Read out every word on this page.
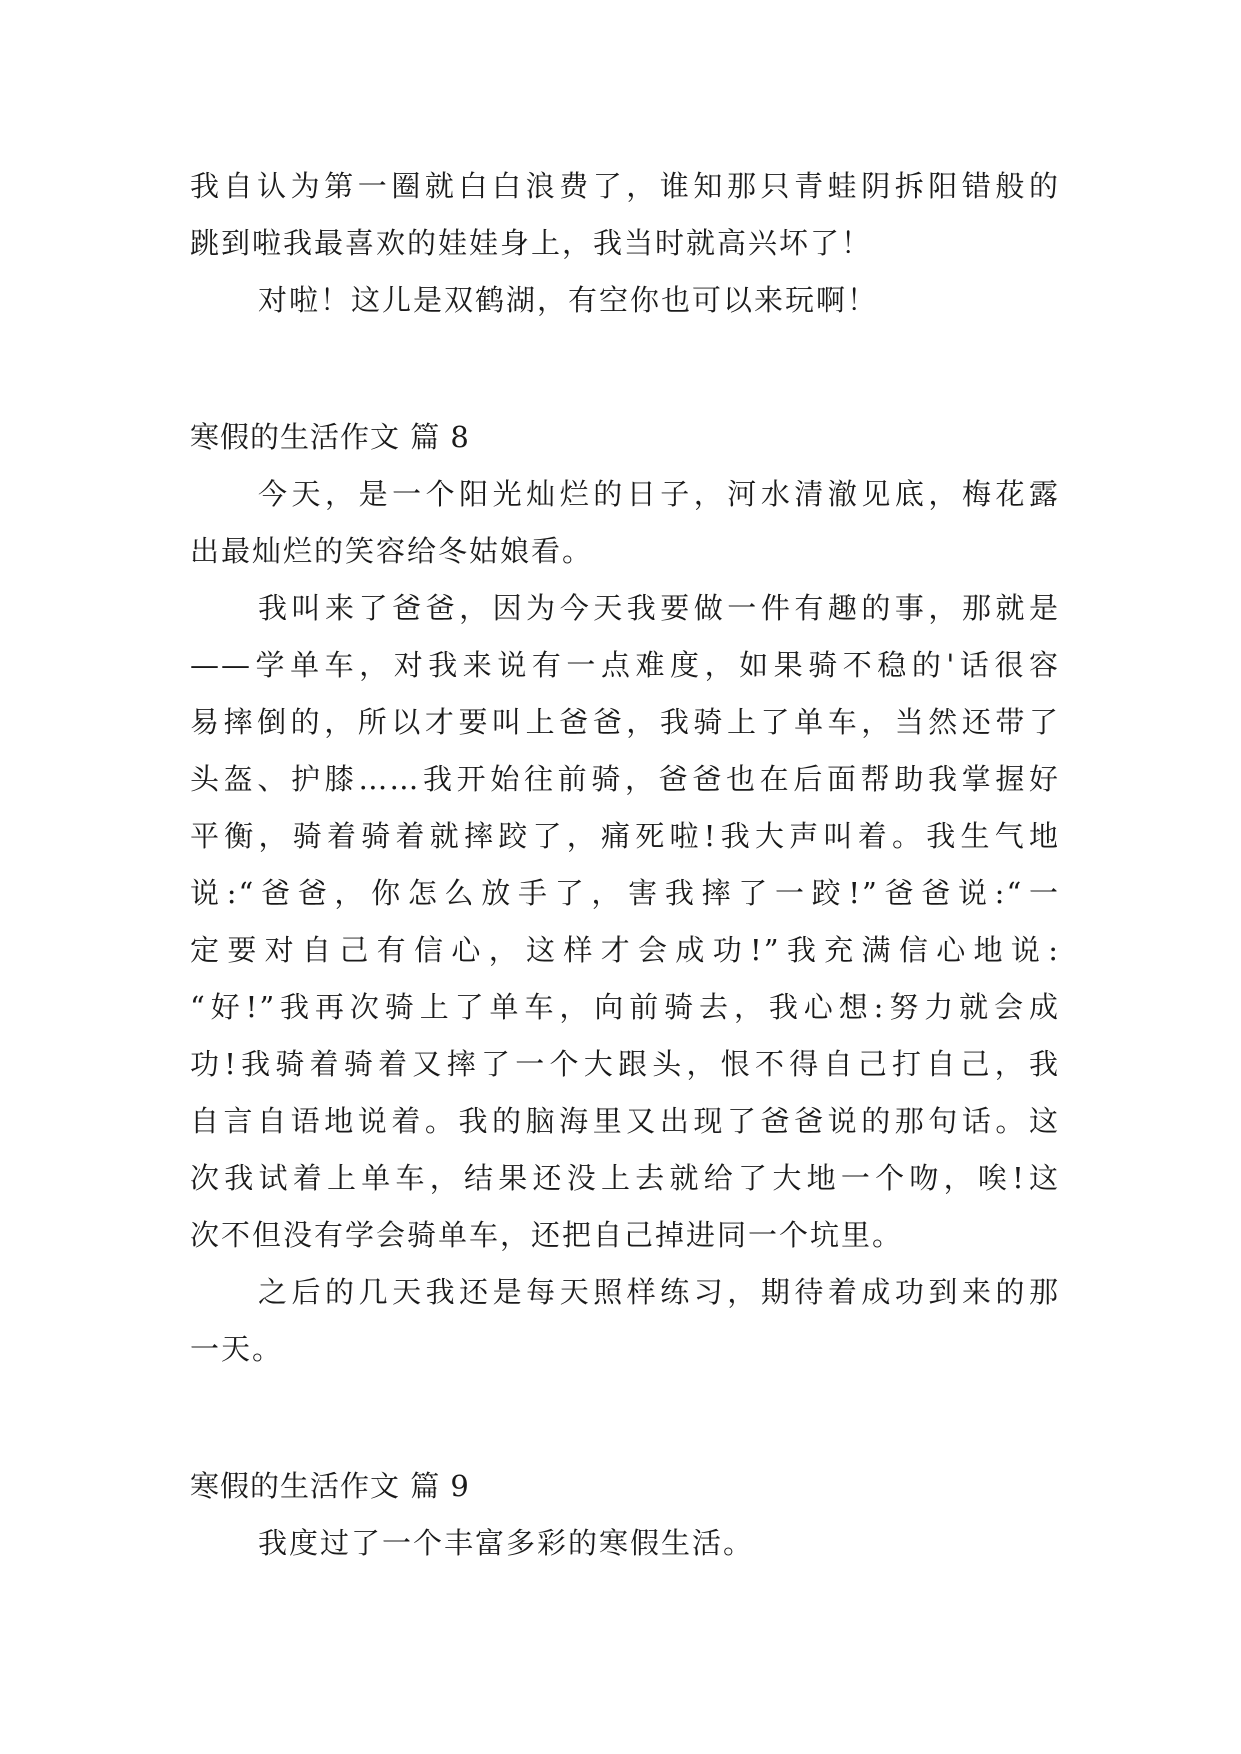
我自认为第一圈就白白浪费了，谁知那只青蛙阴拆阳错般的
跳到啦我最喜欢的娃娃身上，我当时就高兴坏了！
对啦！这儿是双鹤湖，有空你也可以来玩啊！
寒假的生活作文 篇 8
今天，是一个阳光灿烂的日子，河水清澈见底，梅花露
出最灿烂的笑容给冬姑娘看。
我叫来了爸爸，因为今天我要做一件有趣的事，那就是
——学单车，对我来说有一点难度，如果骑不稳的'话很容
易摔倒的，所以才要叫上爸爸，我骑上了单车，当然还带了
头盔、护膝……我开始往前骑，爸爸也在后面帮助我掌握好
平衡，骑着骑着就摔跤了，痛死啦!我大声叫着。我生气地
说:“爸爸，你怎么放手了，害我摔了一跤!”爸爸说:“一
定要对自己有信心，这样才会成功!”我充满信心地说:
“好!”我再次骑上了单车，向前骑去，我心想:努力就会成
功!我骑着骑着又摔了一个大跟头，恨不得自己打自己，我
自言自语地说着。我的脑海里又出现了爸爸说的那句话。这
次我试着上单车，结果还没上去就给了大地一个吻，唉!这
次不但没有学会骑单车，还把自己掉进同一个坑里。
之后的几天我还是每天照样练习，期待着成功到来的那
一天。
寒假的生活作文 篇 9
我度过了一个丰富多彩的寒假生活。
